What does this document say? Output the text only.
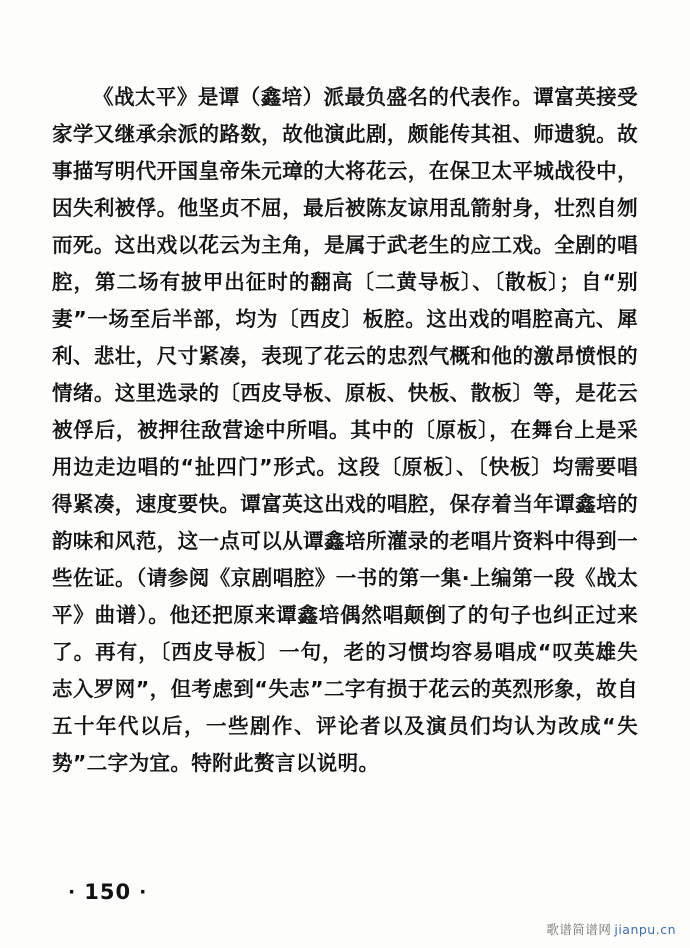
《战太平》是谭（鑫培）派最负盛名的代表作。谭富英接受家学又继承余派的路数，故他演此剧，颇能传其祖、师遗貌。故事描写明代开国皇帝朱元璋的大将花云，在保卫太平城战役中，因失利被俘。他坚贞不屈，最后被陈友谅用乱箭射身，壮烈自刎而死。这出戏以花云为主角，是属于武老生的应工戏。全剧的唱腔，第二场有披甲出征时的翻高〔二黄导板〕、〔散板〕；自“别妻”一场至后半部，均为〔西皮〕板腔。这出戏的唱腔高亢、犀利、悲壮，尺寸紧凑，表现了花云的忠烈气概和他的激昂愤恨的情绪。这里选录的〔西皮导板、原板、快板、散板〕等，是花云被俘后，被押往敌营途中所唱。其中的〔原板〕，在舞台上是采用边走边唱的“扯四门”形式。这段〔原板〕、〔快板〕均需要唱得紧凑，速度要快。谭富英这出戏的唱腔，保存着当年谭鑫培的韵味和风范，这一点可以从谭鑫培所灌录的老唱片资料中得到一些佐证。（请参阅《京剧唱腔》一书的第一集·上编第一段《战太平》曲谱）。他还把原来谭鑫培偶然唱颠倒了的句子也纠正过来了。再有，〔西皮导板〕一句，老的习惯均容易唱成“叹英雄失志入罗网”，但考虑到“失志”二字有损于花云的英烈形象，故自五十年代以后，一些剧作、评论者以及演员们均认为改成“失势”二字为宜。特附此赘言以说明。

· 150 ·
歌谱简谱网 jianpu.cn
